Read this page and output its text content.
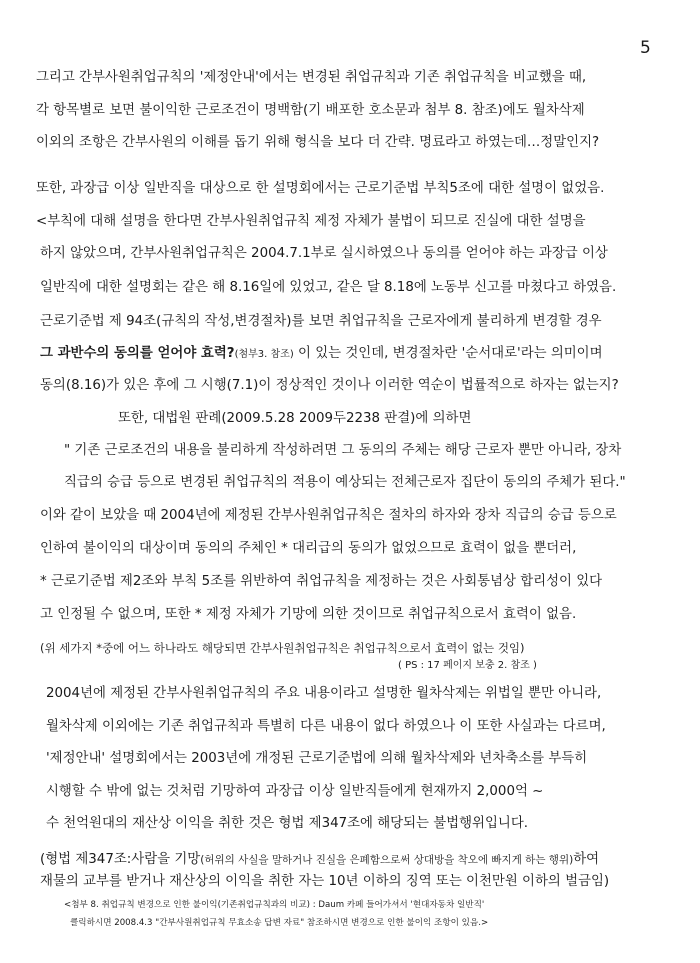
5
그리고 간부사원취업규칙의 '제정안내'에서는 변경된 취업규칙과 기존 취업규칙을 비교했을 때,
각 항목별로 보면 불이익한 근로조건이 명백함(기 배포한 호소문과 첨부 8. 참조)에도 월차삭제
이외의 조항은 간부사원의 이해를 돕기 위해 형식을 보다 더 간략. 명료라고 하였는데…정말인지?
또한, 과장급 이상 일반직을 대상으로 한 설명회에서는 근로기준법 부칙5조에 대한 설명이 없었음.
<부칙에 대해 설명을 한다면 간부사원취업규칙 제정 자체가 불법이 되므로 진실에 대한 설명을
하지 않았으며, 간부사원취업규칙은 2004.7.1부로 실시하였으나 동의를 얻어야 하는 과장급 이상
일반직에 대한 설명회는 같은 해 8.16일에 있었고, 같은 달 8.18에 노동부 신고를 마쳤다고 하였음.
근로기준법 제 94조(규칙의 작성,변경절차)를 보면 취업규칙을 근로자에게 불리하게 변경할 경우
그 과반수의 동의를 얻어야 효력?(첨부3. 참조) 이 있는 것인데, 변경절차란 '순서대로'라는 의미이며
동의(8.16)가 있은 후에 그 시행(7.1)이 정상적인 것이나 이러한 역순이 법률적으로 하자는 없는지?
또한, 대법원 판례(2009.5.28 2009두2238 판결)에 의하면
" 기존 근로조건의 내용을 불리하게 작성하려면 그 동의의 주체는 해당 근로자 뿐만 아니라, 장차
직급의 승급 등으로 변경된 취업규칙의 적용이 예상되는 전체근로자 집단이 동의의 주체가 된다."
이와 같이 보았을 때 2004년에 제정된 간부사원취업규칙은 절차의 하자와 장차 직급의 승급 등으로
인하여 불이익의 대상이며 동의의 주체인 * 대리급의 동의가 없었으므로 효력이 없을 뿐더러,
* 근로기준법 제2조와 부칙 5조를 위반하여 취업규칙을 제정하는 것은 사회통념상 합리성이 있다
고 인정될 수 없으며, 또한 * 제정 자체가 기망에 의한 것이므로 취업규칙으로서 효력이 없음.
(위 세가지 *중에 어느 하나라도 해당되면 간부사원취업규칙은 취업규칙으로서 효력이 없는 것임)
( PS : 17 페이지 보충 2. 참조 )
2004년에 제정된 간부사원취업규칙의 주요 내용이라고 설명한 월차삭제는 위법일 뿐만 아니라,
월차삭제 이외에는 기존 취업규칙과 특별히 다른 내용이 없다 하였으나 이 또한 사실과는 다르며,
'제정안내' 설명회에서는 2003년에 개정된 근로기준법에 의해 월차삭제와 년차축소를 부득히
시행할 수 밖에 없는 것처럼 기망하여 과장급 이상 일반직들에게 현재까지 2,000억 ~
수 천억원대의 재산상 이익을 취한 것은 형법 제347조에 해당되는 불법행위입니다.
(형법 제347조:사람을 기망(허위의 사실을 말하거나 진실을 은폐함으로써 상대방을 착오에 빠지게 하는 행위)하여
재물의 교부를 받거나 재산상의 이익을 취한 자는 10년 이하의 징역 또는 이천만원 이하의 벌금임)
<첨부 8. 취업규칙 변경으로 인한 불이익(기존취업규칙과의 비교) : Daum 카페 들어가셔서 '현대자동차 일반직'
클릭하시면 2008.4.3 "간부사원취업규칙 무효소송 답변 자료" 참조하시면 변경으로 인한 불이익 조항이 있음.>
